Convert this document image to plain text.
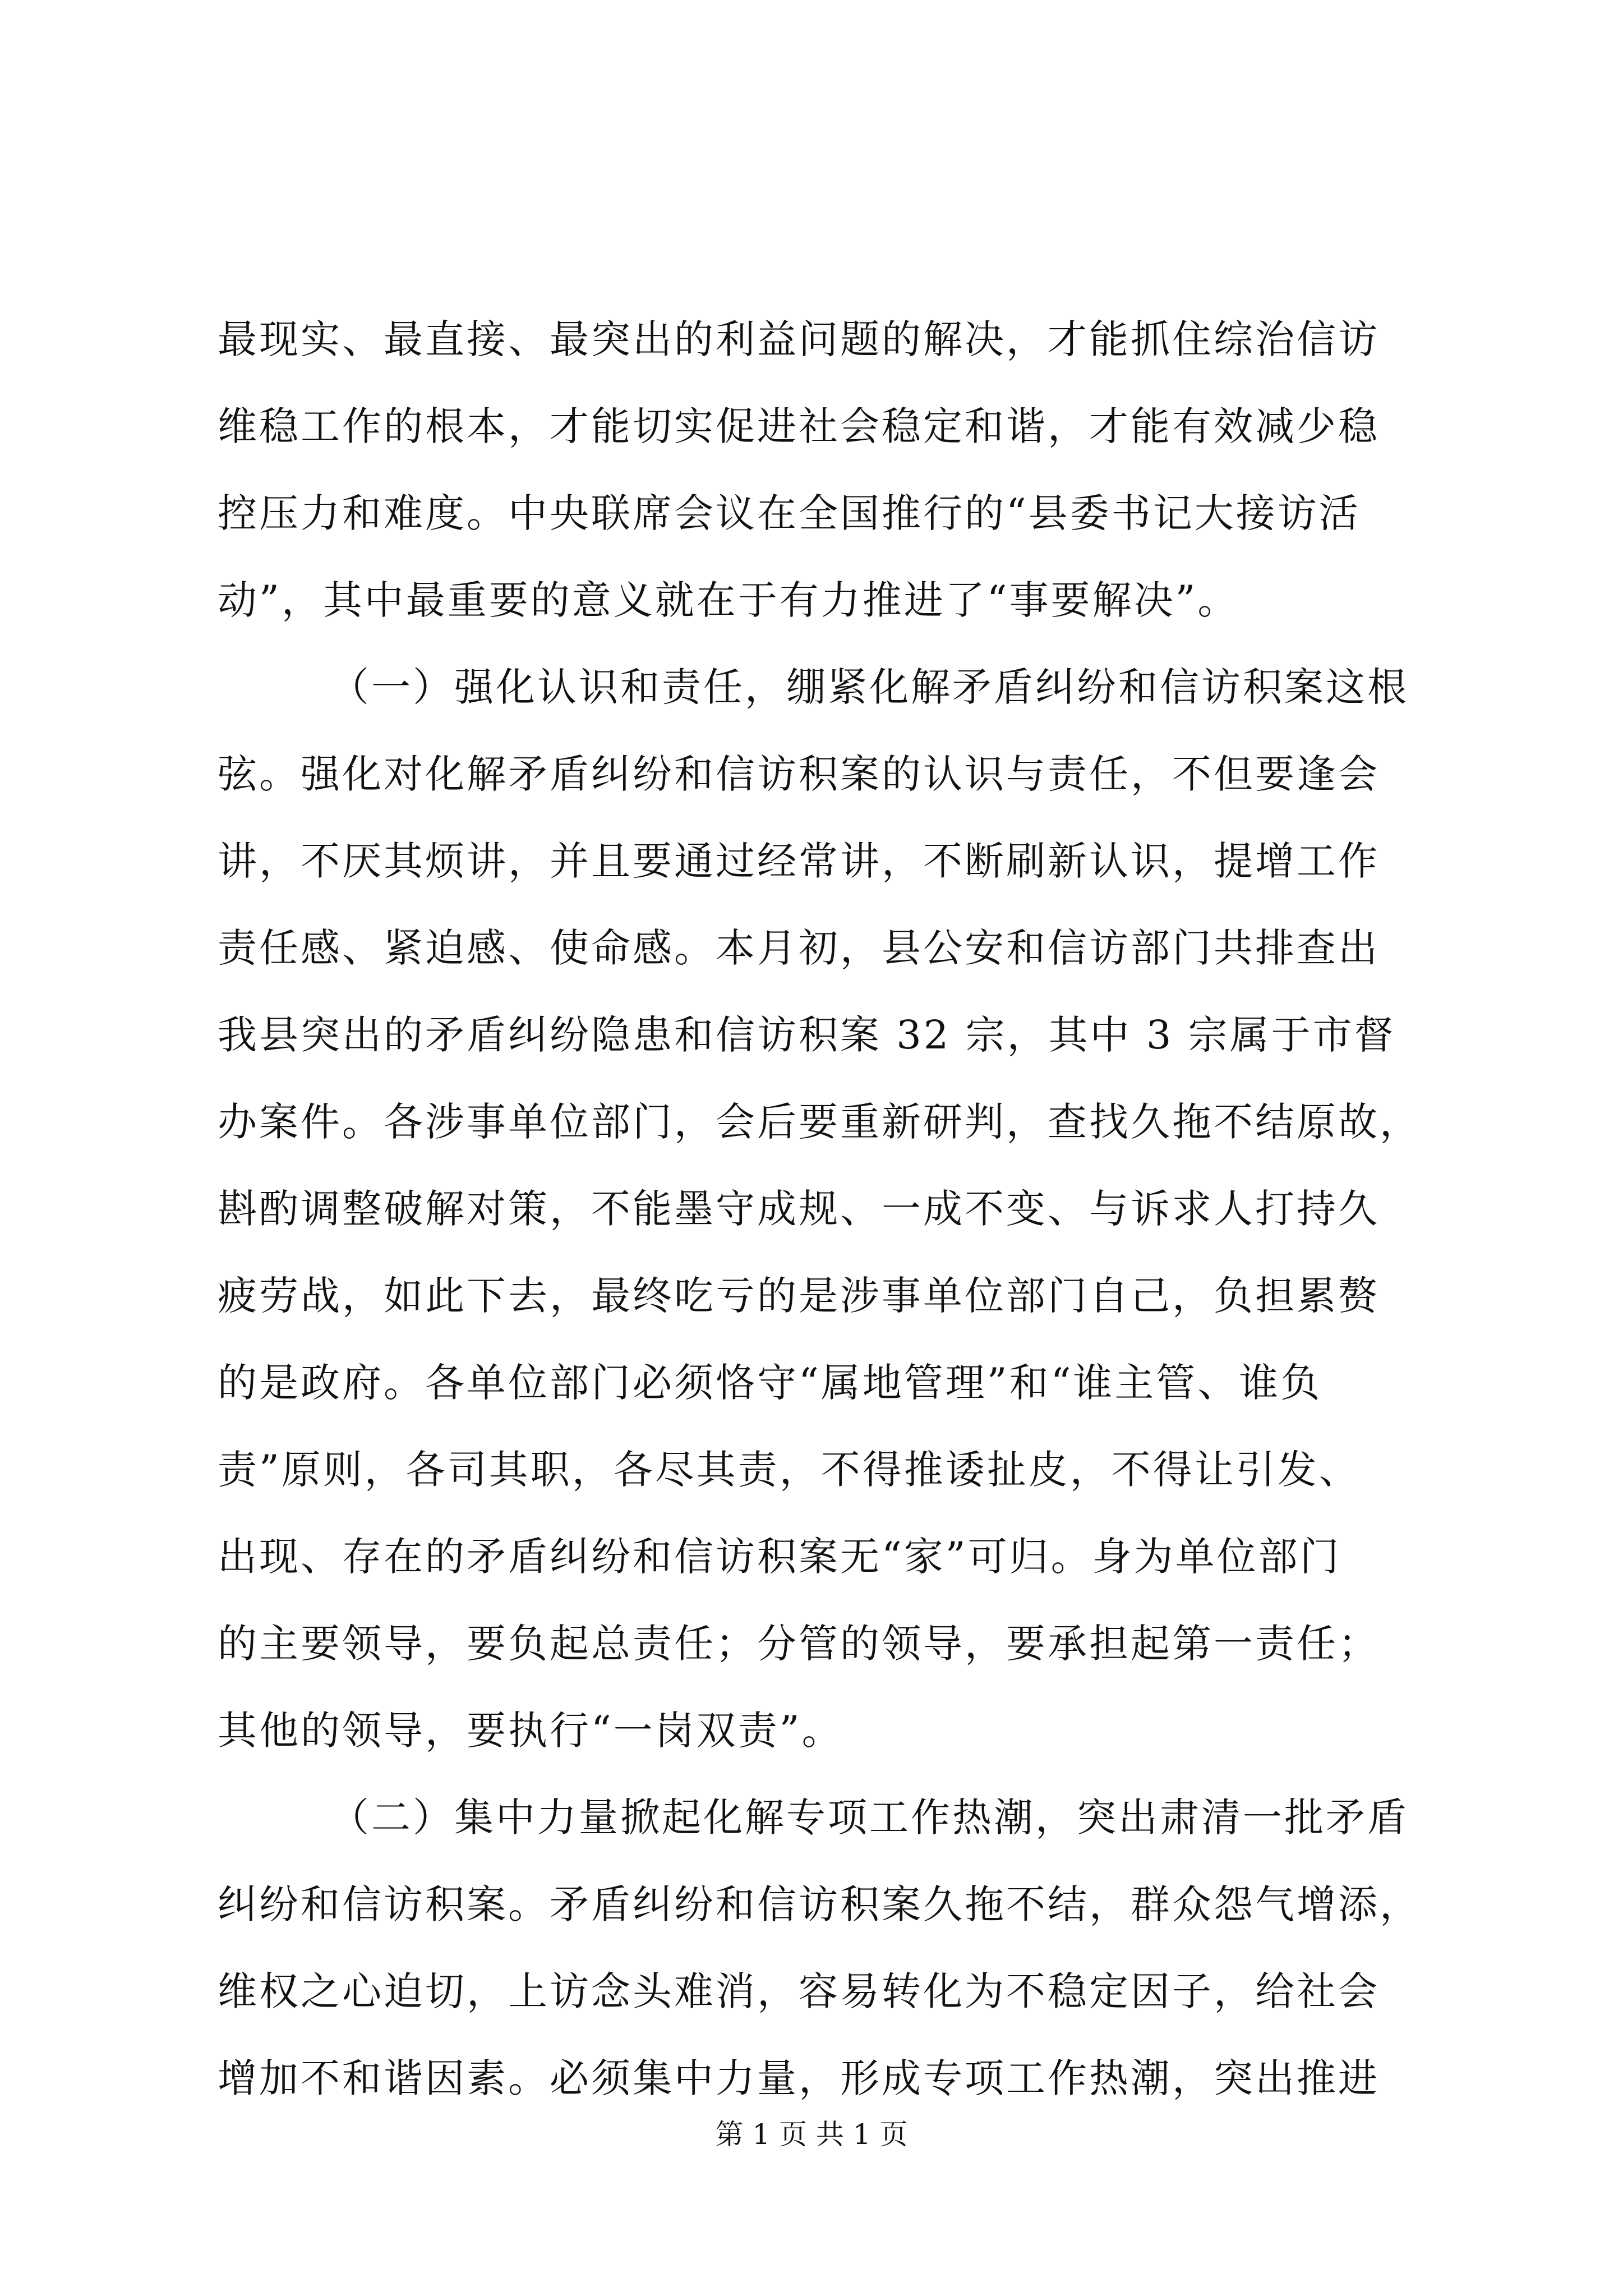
最现实、最直接、最突出的利益问题的解决，才能抓住综治信访
维稳工作的根本，才能切实促进社会稳定和谐，才能有效减少稳
控压力和难度。中央联席会议在全国推行的“县委书记大接访活
动”，其中最重要的意义就在于有力推进了“事要解决”。
（一）强化认识和责任，绷紧化解矛盾纠纷和信访积案这根
弦。强化对化解矛盾纠纷和信访积案的认识与责任，不但要逢会
讲，不厌其烦讲，并且要通过经常讲，不断刷新认识，提增工作
责任感、紧迫感、使命感。本月初，县公安和信访部门共排查出
我县突出的矛盾纠纷隐患和信访积案 32 宗，其中 3 宗属于市督
办案件。各涉事单位部门，会后要重新研判，查找久拖不结原故，
斟酌调整破解对策，不能墨守成规、一成不变、与诉求人打持久
疲劳战，如此下去，最终吃亏的是涉事单位部门自己，负担累赘
的是政府。各单位部门必须恪守“属地管理”和“谁主管、谁负
责”原则，各司其职，各尽其责，不得推诿扯皮，不得让引发、
出现、存在的矛盾纠纷和信访积案无“家”可归。身为单位部门
的主要领导，要负起总责任；分管的领导，要承担起第一责任；
其他的领导，要执行“一岗双责”。
（二）集中力量掀起化解专项工作热潮，突出肃清一批矛盾
纠纷和信访积案。矛盾纠纷和信访积案久拖不结，群众怨气增添，
维权之心迫切，上访念头难消，容易转化为不稳定因子，给社会
增加不和谐因素。必须集中力量，形成专项工作热潮，突出推进
第 1 页 共 1 页
